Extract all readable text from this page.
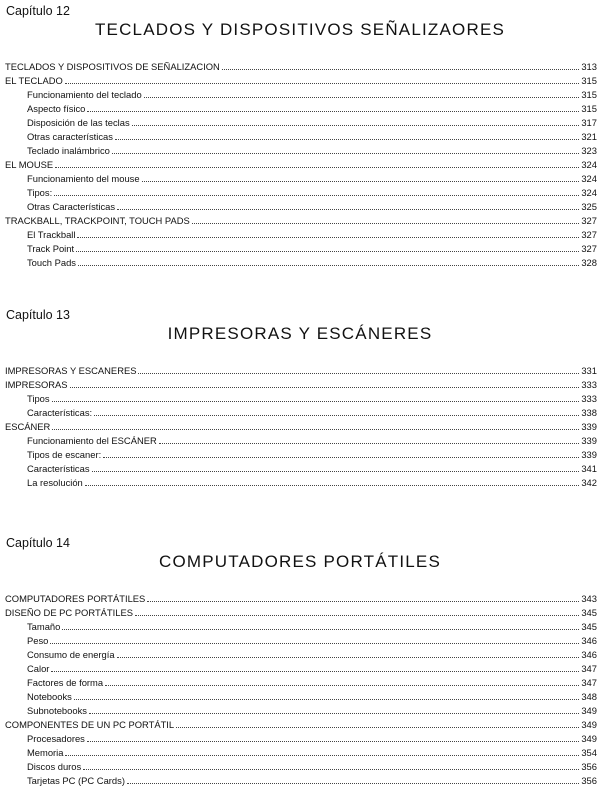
Capítulo 12
TECLADOS Y DISPOSITIVOS SEÑALIZAORES
TECLADOS Y DISPOSITIVOS DE SEÑALIZACION	313
EL TECLADO	315
Funcionamiento del teclado	315
Aspecto físico	315
Disposición de las teclas	317
Otras características	321
Teclado inalámbrico	323
EL MOUSE	324
Funcionamiento del mouse	324
Tipos:	324
Otras Características	325
TRACKBALL, TRACKPOINT, TOUCH PADS	327
El Trackball	327
Track Point	327
Touch Pads	328
Capítulo 13
IMPRESORAS Y ESCÁNERES
IMPRESORAS Y ESCANERES	331
IMPRESORAS	333
Tipos	333
Características:	338
ESCÁNER	339
Funcionamiento del ESCÁNER	339
Tipos de escaner:	339
Características	341
La resolución	342
Capítulo 14
COMPUTADORES PORTÁTILES
COMPUTADORES PORTÁTILES	343
DISEÑO DE PC PORTÁTILES	345
Tamaño	345
Peso	346
Consumo de energía	346
Calor	347
Factores de forma	347
Notebooks	348
Subnotebooks	349
COMPONENTES DE UN PC PORTÁTIL	349
Procesadores	349
Memoria	354
Discos duros	356
Tarjetas PC (PC Cards)	356
